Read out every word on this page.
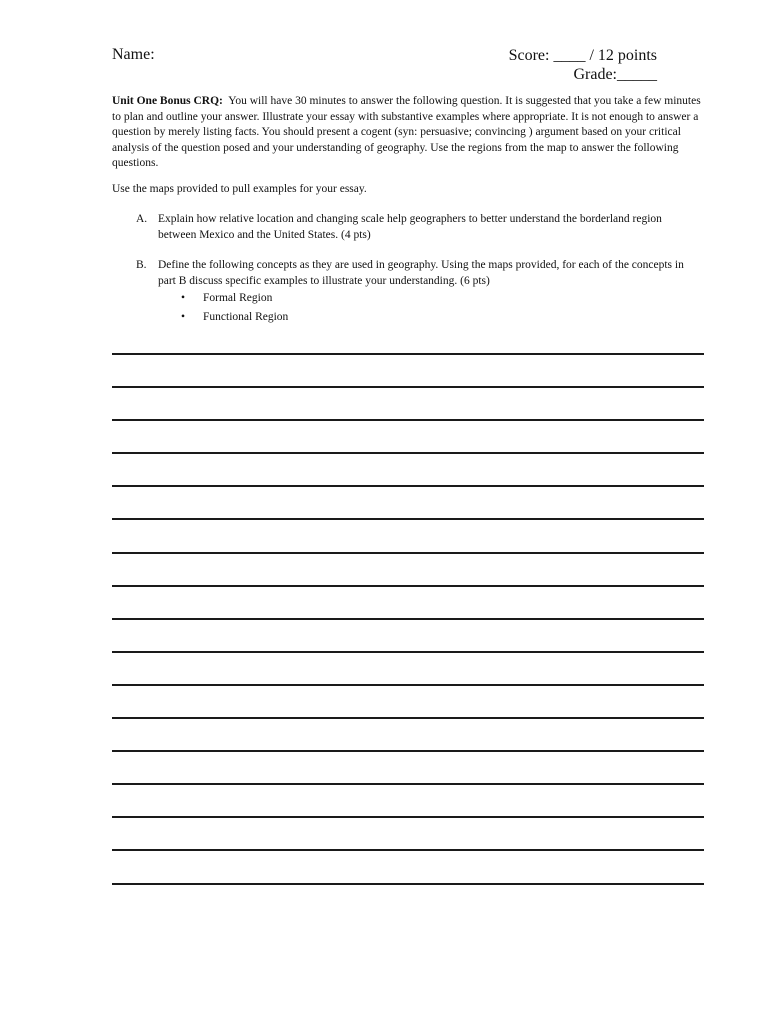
Name:	Score: ____ / 12 points
Grade:_____

Unit One Bonus CRQ: You will have 30 minutes to answer the following question. It is suggested that you take a few minutes to plan and outline your answer. Illustrate your essay with substantive examples where appropriate. It is not enough to answer a question by merely listing facts. You should present a cogent (syn: persuasive; convincing ) argument based on your critical analysis of the question posed and your understanding of geography. Use the regions from the map to answer the following questions.

Use the maps provided to pull examples for your essay.

A. Explain how relative location and changing scale help geographers to better understand the borderland region between Mexico and the United States. (4 pts)
B. Define the following concepts as they are used in geography. Using the maps provided, for each of the concepts in part B discuss specific examples to illustrate your understanding. (6 pts)
• Formal Region
• Functional Region
